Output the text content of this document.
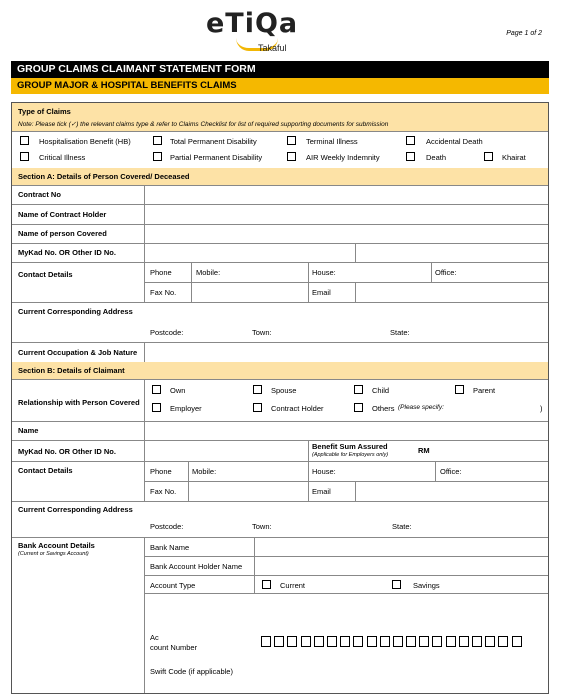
eTiQa
Takaful
Page 1 of 2
GROUP CLAIMS CLAIMANT STATEMENT FORM
GROUP MAJOR & HOSPITAL BENEFITS CLAIMS
Type of Claims
Note: Please tick (✓) the relevant claims type & refer to Claims Checklist for list of required supporting documents for submission
Hospitalisation Benefit (HB)	Total Permanent Disability	Terminal Illness	Accidental Death
Critical Illness	Partial Permanent Disability	AIR Weekly Indemnity	Death	Khairat
Section A: Details of Person Covered/ Deceased
Contract No
Name of Contract Holder
Name of person Covered
MyKad No. OR Other ID No.
Contact Details	Phone	Mobile:	House:	Office:
Fax No.	Email
Current Corresponding Address
Postcode:	Town:	State:
Current Occupation & Job Nature
Section B: Details of Claimant
Relationship with Person Covered
Own	Spouse	Child	Parent
Employer	Contract Holder	Others (Please specify:	)
Name
MyKad No. OR Other ID No.
Benefit Sum Assured
(Applicable for Employers only)	RM
Contact Details	Phone	Mobile:	House:	Office:
Fax No.	Email
Current Corresponding Address
Postcode:	Town:	State:
Bank Account Details
(Current or Savings Account)
Bank Name
Bank Account Holder Name
Account Type	Current	Savings
Ac
count Number
Swift Code (if applicable)
